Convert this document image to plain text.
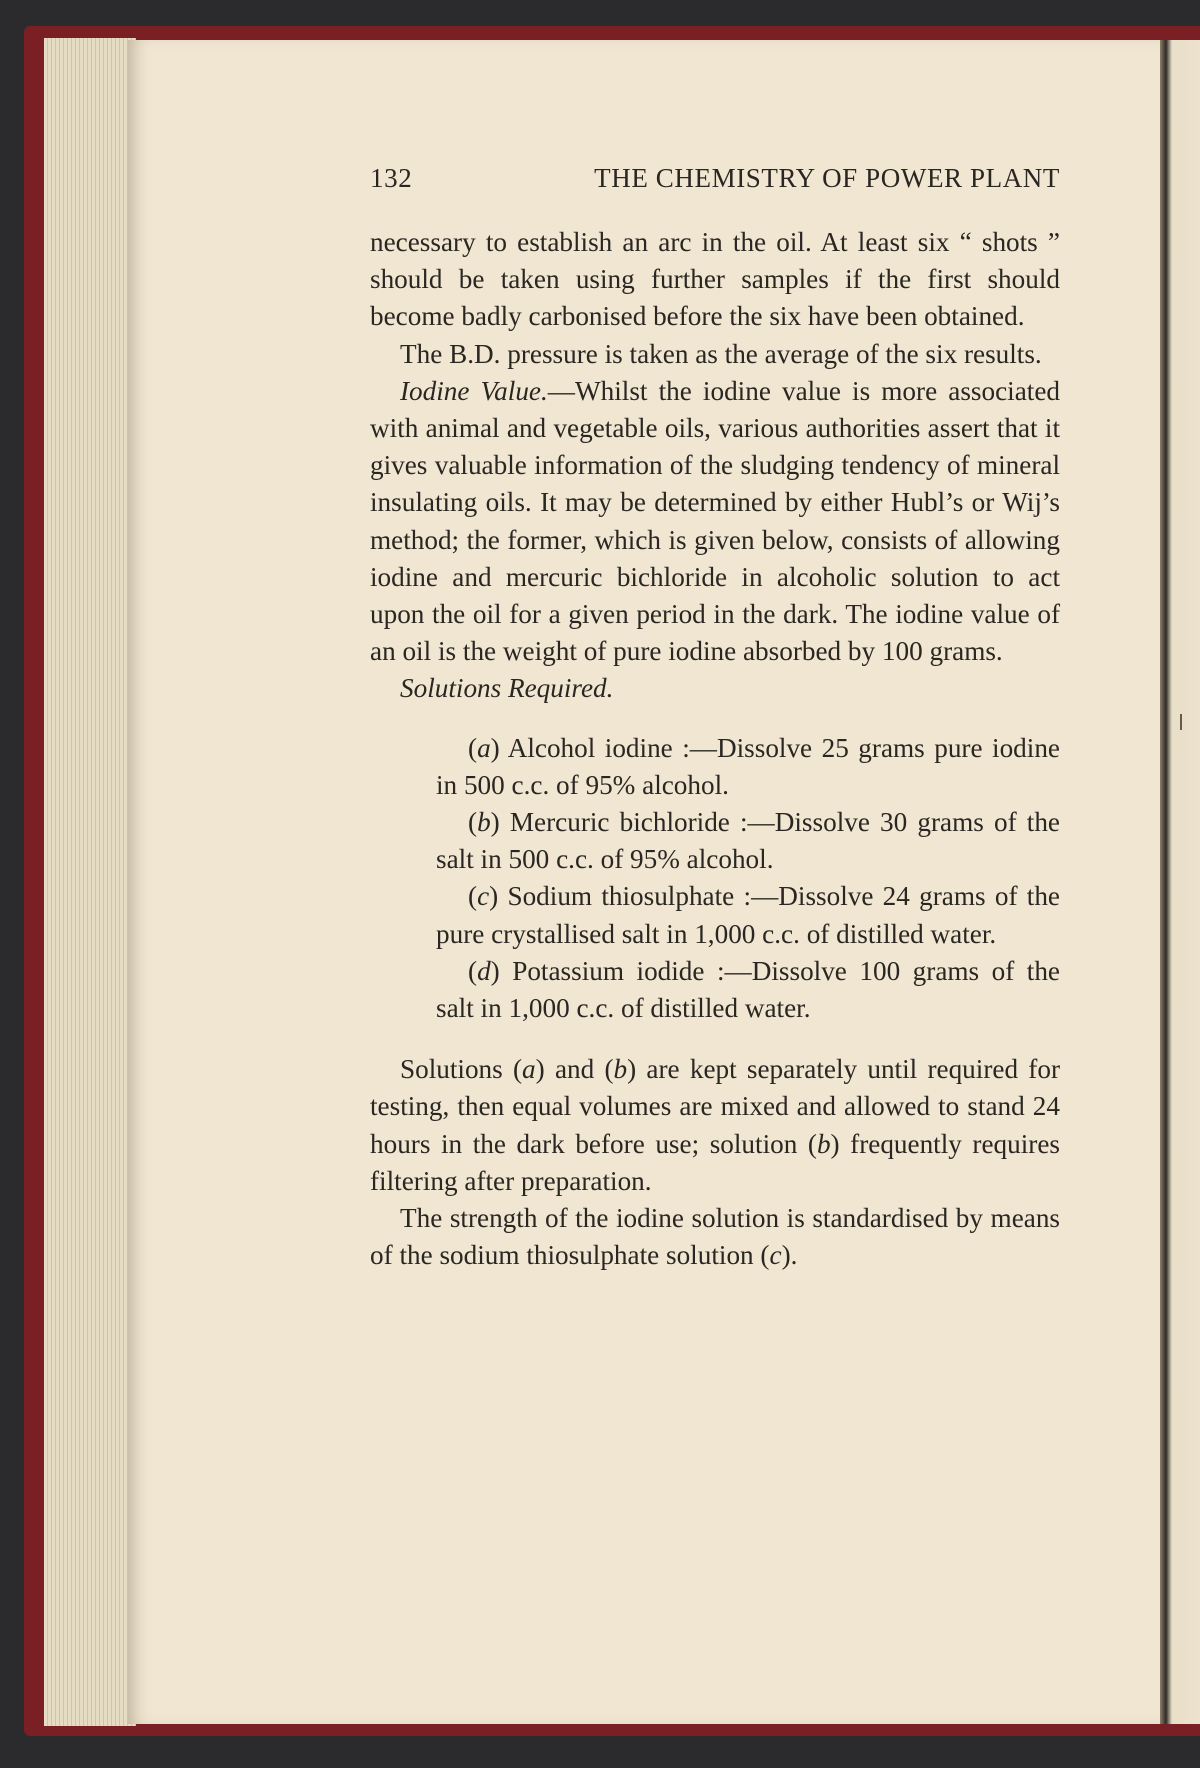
132	THE CHEMISTRY OF POWER PLANT

necessary to establish an arc in the oil. At least six “ shots ” should be taken using further samples if the first should become badly carbonised before the six have been obtained.

The B.D. pressure is taken as the average of the six results.

Iodine Value.—Whilst the iodine value is more associated with animal and vegetable oils, various authorities assert that it gives valuable information of the sludging tendency of mineral insulating oils. It may be determined by either Hubl’s or Wij’s method; the former, which is given below, consists of allowing iodine and mercuric bichloride in alcoholic solution to act upon the oil for a given period in the dark. The iodine value of an oil is the weight of pure iodine absorbed by 100 grams.

Solutions Required.

(a) Alcohol iodine :—Dissolve 25 grams pure iodine in 500 c.c. of 95% alcohol.

(b) Mercuric bichloride :—Dissolve 30 grams of the salt in 500 c.c. of 95% alcohol.

(c) Sodium thiosulphate :—Dissolve 24 grams of the pure crystallised salt in 1,000 c.c. of distilled water.

(d) Potassium iodide :—Dissolve 100 grams of the salt in 1,000 c.c. of distilled water.

Solutions (a) and (b) are kept separately until required for testing, then equal volumes are mixed and allowed to stand 24 hours in the dark before use; solution (b) frequently requires filtering after preparation.

The strength of the iodine solution is standardised by means of the sodium thiosulphate solution (c).
